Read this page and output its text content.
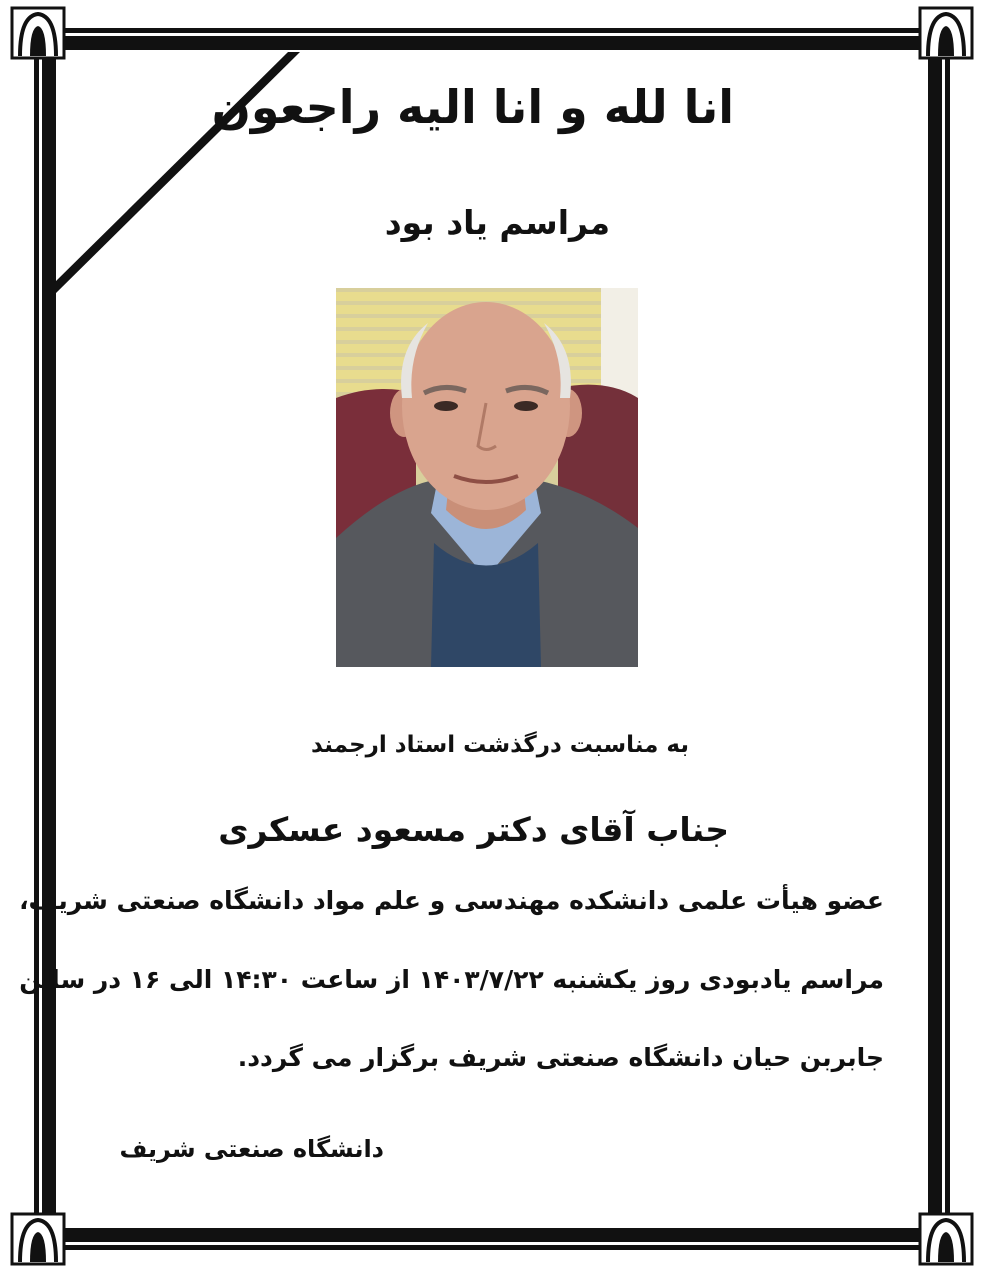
انا لله و انا الیه راجعون
مراسم یاد بود
به مناسبت درگذشت استاد ارجمند
جناب آقای دکتر مسعود عسکری
عضو هیأت علمی دانشکده مهندسی و علم مواد دانشگاه صنعتی شریف،
مراسم یادبودی روز یکشنبه ۱۴۰۳/۷/۲۲ از ساعت ۱۴:۳۰ الی ۱۶ در سالن
جابربن حیان دانشگاه صنعتی شریف برگزار می گردد.
دانشگاه صنعتی شریف
